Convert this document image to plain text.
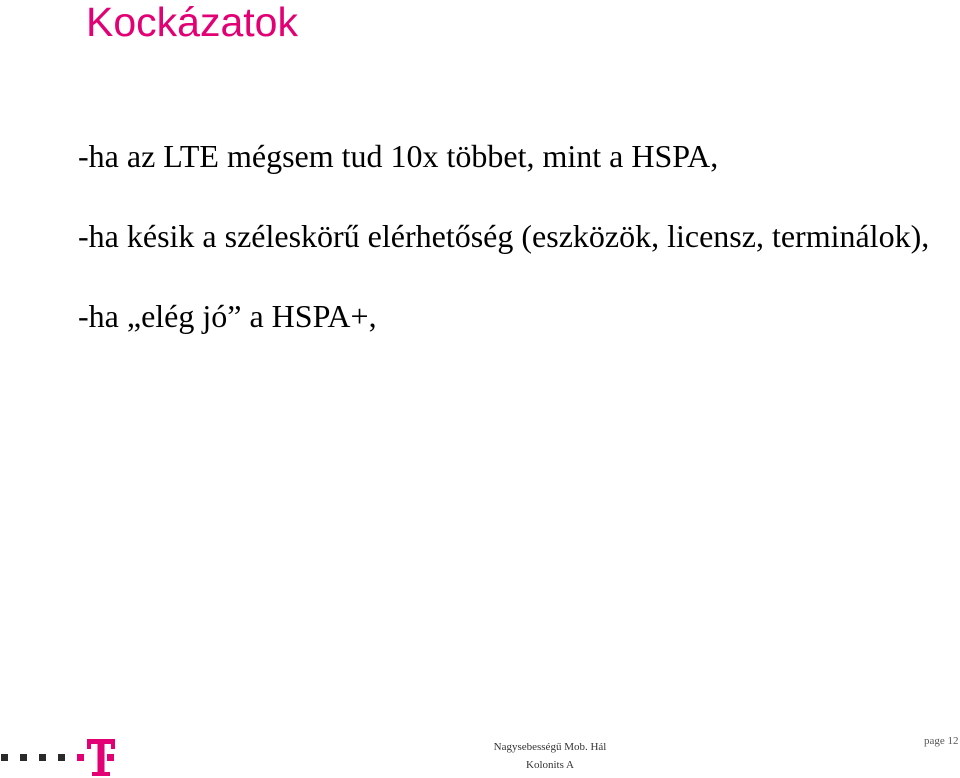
Kockázatok

-ha az LTE mégsem tud 10x többet, mint a HSPA,

-ha késik a széleskörű elérhetőség (eszközök, licensz, terminálok),

-ha „elég jó” a HSPA+,

Nagysebességű Mob. Hál
Kolonits A
page 12
